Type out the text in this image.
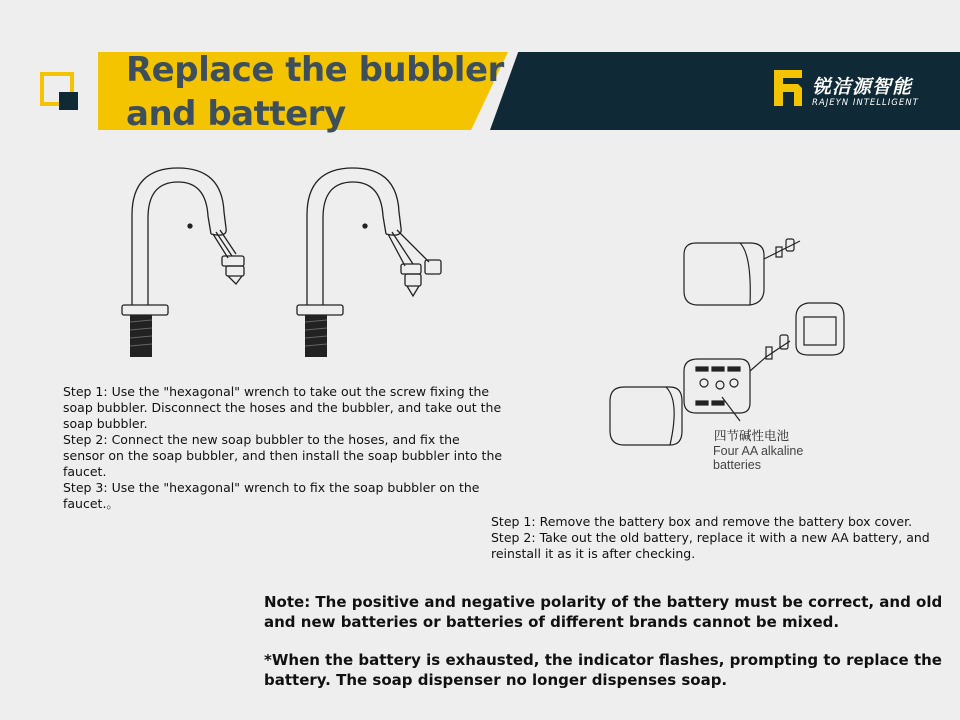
Replace the bubbler
and battery
锐洁源智能
RAJEYN INTELLIGENT
四节碱性电池
Four AA alkaline batteries

Step 1: Use the "hexagonal" wrench to take out the screw fixing the soap bubbler. Disconnect the hoses and the bubbler, and take out the soap bubbler.

Step 2: Connect the new soap bubbler to the hoses, and fix the sensor on the soap bubbler, and then install the soap bubbler into the faucet.

Step 3: Use the "hexagonal" wrench to fix the soap bubbler on the faucet.。

Step 1: Remove the battery box and remove the battery box cover.

Step 2: Take out the old battery, replace it with a new AA battery, and reinstall it as it is after checking.

Note: The positive and negative polarity of the battery must be correct, and old and new batteries or batteries of different brands cannot be mixed.

*When the battery is exhausted, the indicator flashes, prompting to replace the battery. The soap dispenser no longer dispenses soap.
